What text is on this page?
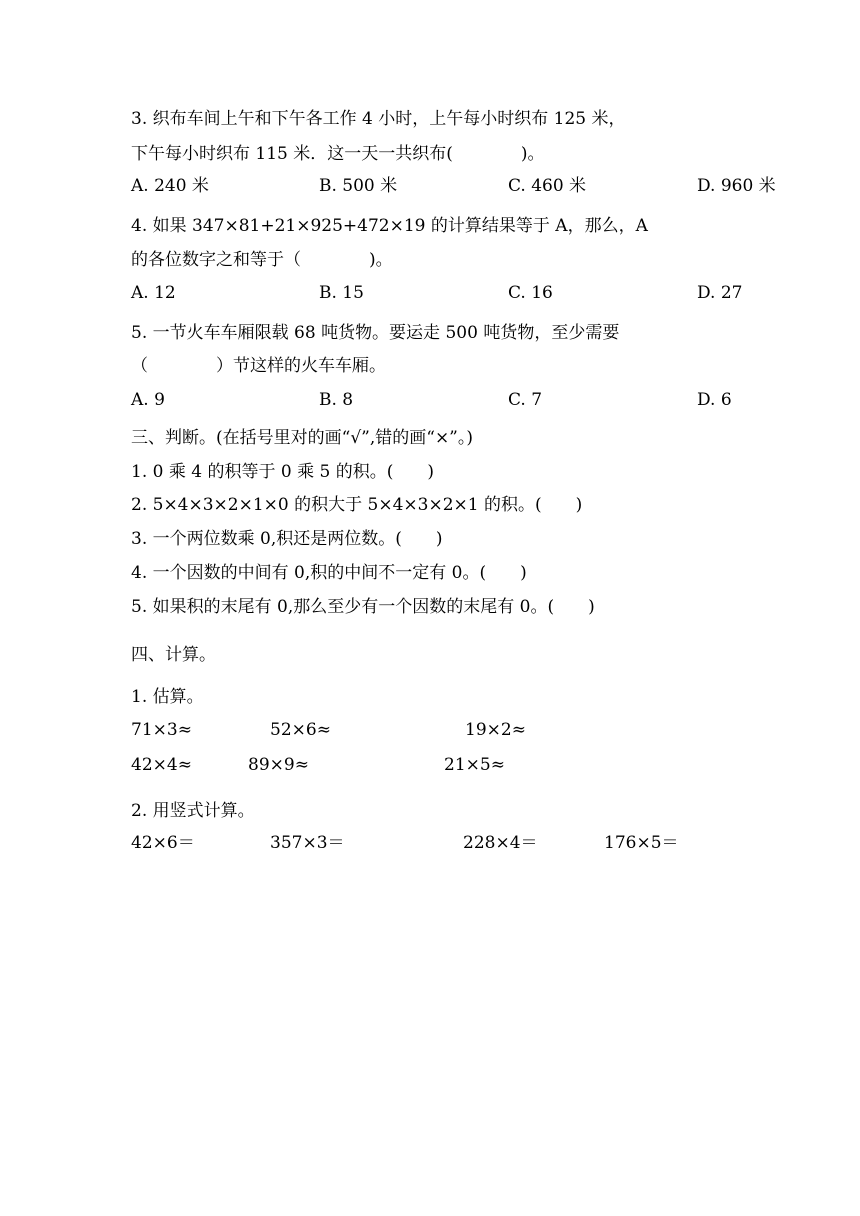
3. 织布车间上午和下午各工作 4 小时，上午每小时织布 125 米，
下午每小时织布 115 米．这一天一共织布(　　　　)。

A. 240 米

	B. 500 米

	C. 460 米

	D. 960 米

4. 如果 347×81+21×925+472×19 的计算结果等于 A，那么，A
的各位数字之和等于（　　　　)。

A. 12

	B. 15

	C. 16

	D. 27

5. 一节火车车厢限载 68 吨货物。要运走 500 吨货物，至少需要
（　　　　）节这样的火车车厢。

A. 9

	B. 8

	C. 7

	D. 6

三、判断。(在括号里对的画“√”,错的画“×”。)
1. 0 乘 4 的积等于 0 乘 5 的积。(　　)
2. 5×4×3×2×1×0 的积大于 5×4×3×2×1 的积。(　　)
3. 一个两位数乘 0,积还是两位数。(　　)
4. 一个因数的中间有 0,积的中间不一定有 0。(　　)
5. 如果积的末尾有 0,那么至少有一个因数的末尾有 0。(　　)
四、计算。
1. 估算。
71×3≈	52×6≈	19×2≈
42×4≈	89×9≈	21×5≈
2. 用竖式计算。
42×6＝	357×3＝	228×4＝	176×5＝
